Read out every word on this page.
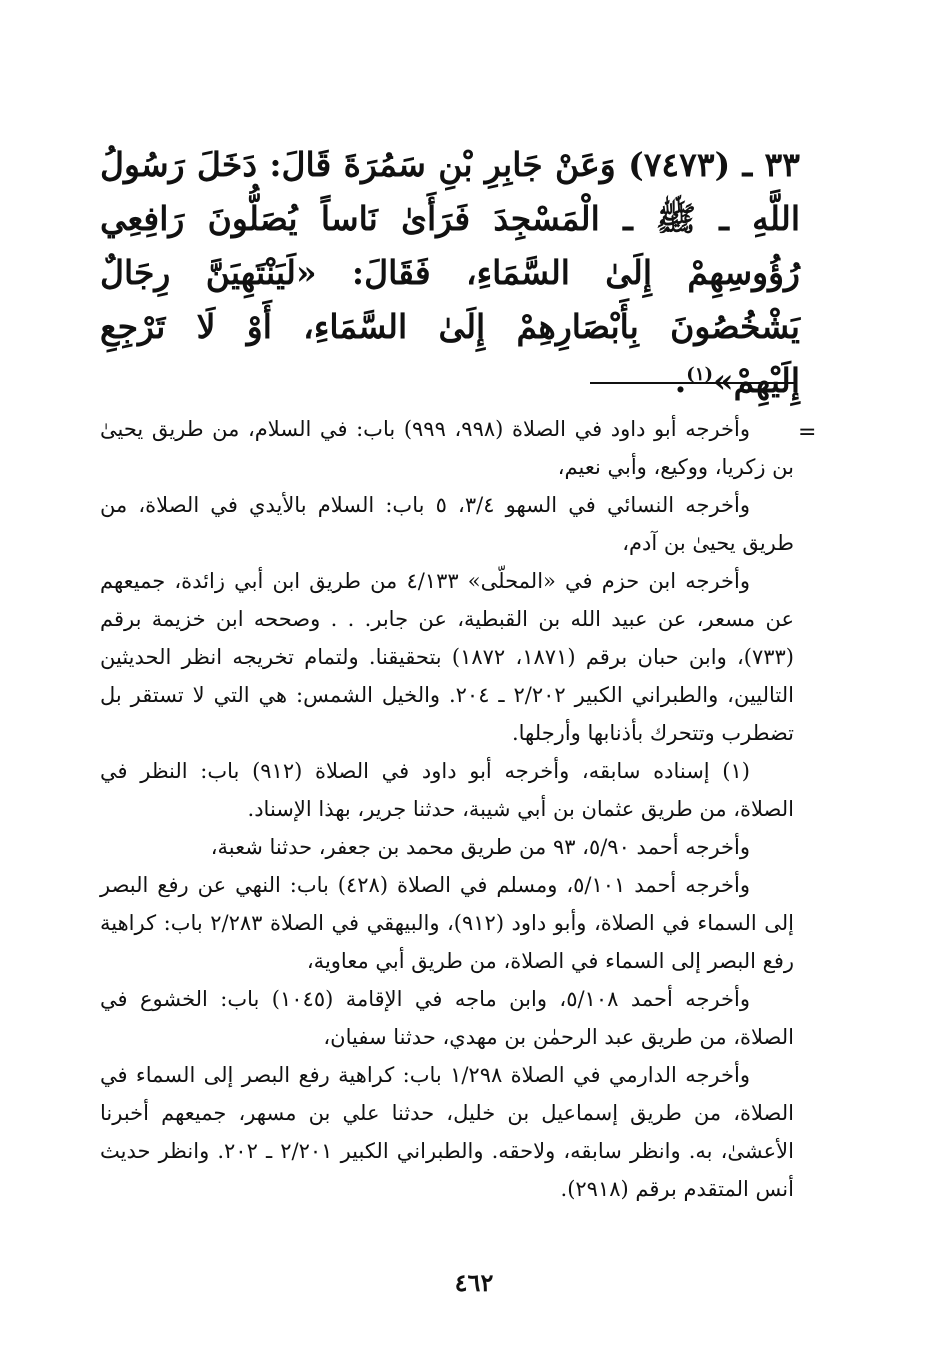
٣٣ ـ (٧٤٧٣) وَعَنْ جَابِرِ بْنِ سَمُرَةَ قَالَ: دَخَلَ رَسُولُ اللَّهِ ـ ﷺ ـ الْمَسْجِدَ فَرَأَىٰ نَاساً يُصَلُّونَ رَافِعِي رُؤُوسِهِمْ إِلَىٰ السَّمَاءِ، فَقَالَ: «لَيَنْتَهِيَنَّ رِجَالٌ يَشْخُصُونَ بِأَبْصَارِهِمْ إِلَىٰ السَّمَاءِ، أَوْ لَا تَرْجِعِ إِلَيْهِمْ»$^{(١)}$.

=

وأخرجه أبو داود في الصلاة (٩٩٨، ٩٩٩) باب: في السلام، من طريق يحيىٰ بن زكريا، ووكيع، وأبي نعيم،

وأخرجه النسائي في السهو ٣/٤، ٥ باب: السلام بالأيدي في الصلاة، من طريق يحيىٰ بن آدم،

وأخرجه ابن حزم في «المحلّى» ٤/١٣٣ من طريق ابن أبي زائدة، جميعهم عن مسعر، عن عبيد الله بن القبطية، عن جابر. . . وصححه ابن خزيمة برقم (٧٣٣)، وابن حبان برقم (١٨٧١، ١٨٧٢) بتحقيقنا. ولتمام تخريجه انظر الحديثين التاليين، والطبراني الكبير ٢/٢٠٢ ـ ٢٠٤. والخيل الشمس: هي التي لا تستقر بل تضطرب وتتحرك بأذنابها وأرجلها.

(١) إسناده سابقه، وأخرجه أبو داود في الصلاة (٩١٢) باب: النظر في الصلاة، من طريق عثمان بن أبي شيبة، حدثنا جرير، بهذا الإسناد.

وأخرجه أحمد ٥/٩٠، ٩٣ من طريق محمد بن جعفر، حدثنا شعبة،

وأخرجه أحمد ٥/١٠١، ومسلم في الصلاة (٤٢٨) باب: النهي عن رفع البصر إلى السماء في الصلاة، وأبو داود (٩١٢)، والبيهقي في الصلاة ٢/٢٨٣ باب: كراهية رفع البصر إلى السماء في الصلاة، من طريق أبي معاوية،

وأخرجه أحمد ٥/١٠٨، وابن ماجه في الإقامة (١٠٤٥) باب: الخشوع في الصلاة، من طريق عبد الرحمٰن بن مهدي، حدثنا سفيان،

وأخرجه الدارمي في الصلاة ١/٢٩٨ باب: كراهية رفع البصر إلى السماء في الصلاة، من طريق إسماعيل بن خليل، حدثنا علي بن مسهر، جميعهم أخبرنا الأعشىٰ، به. وانظر سابقه، ولاحقه. والطبراني الكبير ٢/٢٠١ ـ ٢٠٢. وانظر حديث أنس المتقدم برقم (٢٩١٨).

٤٦٢
